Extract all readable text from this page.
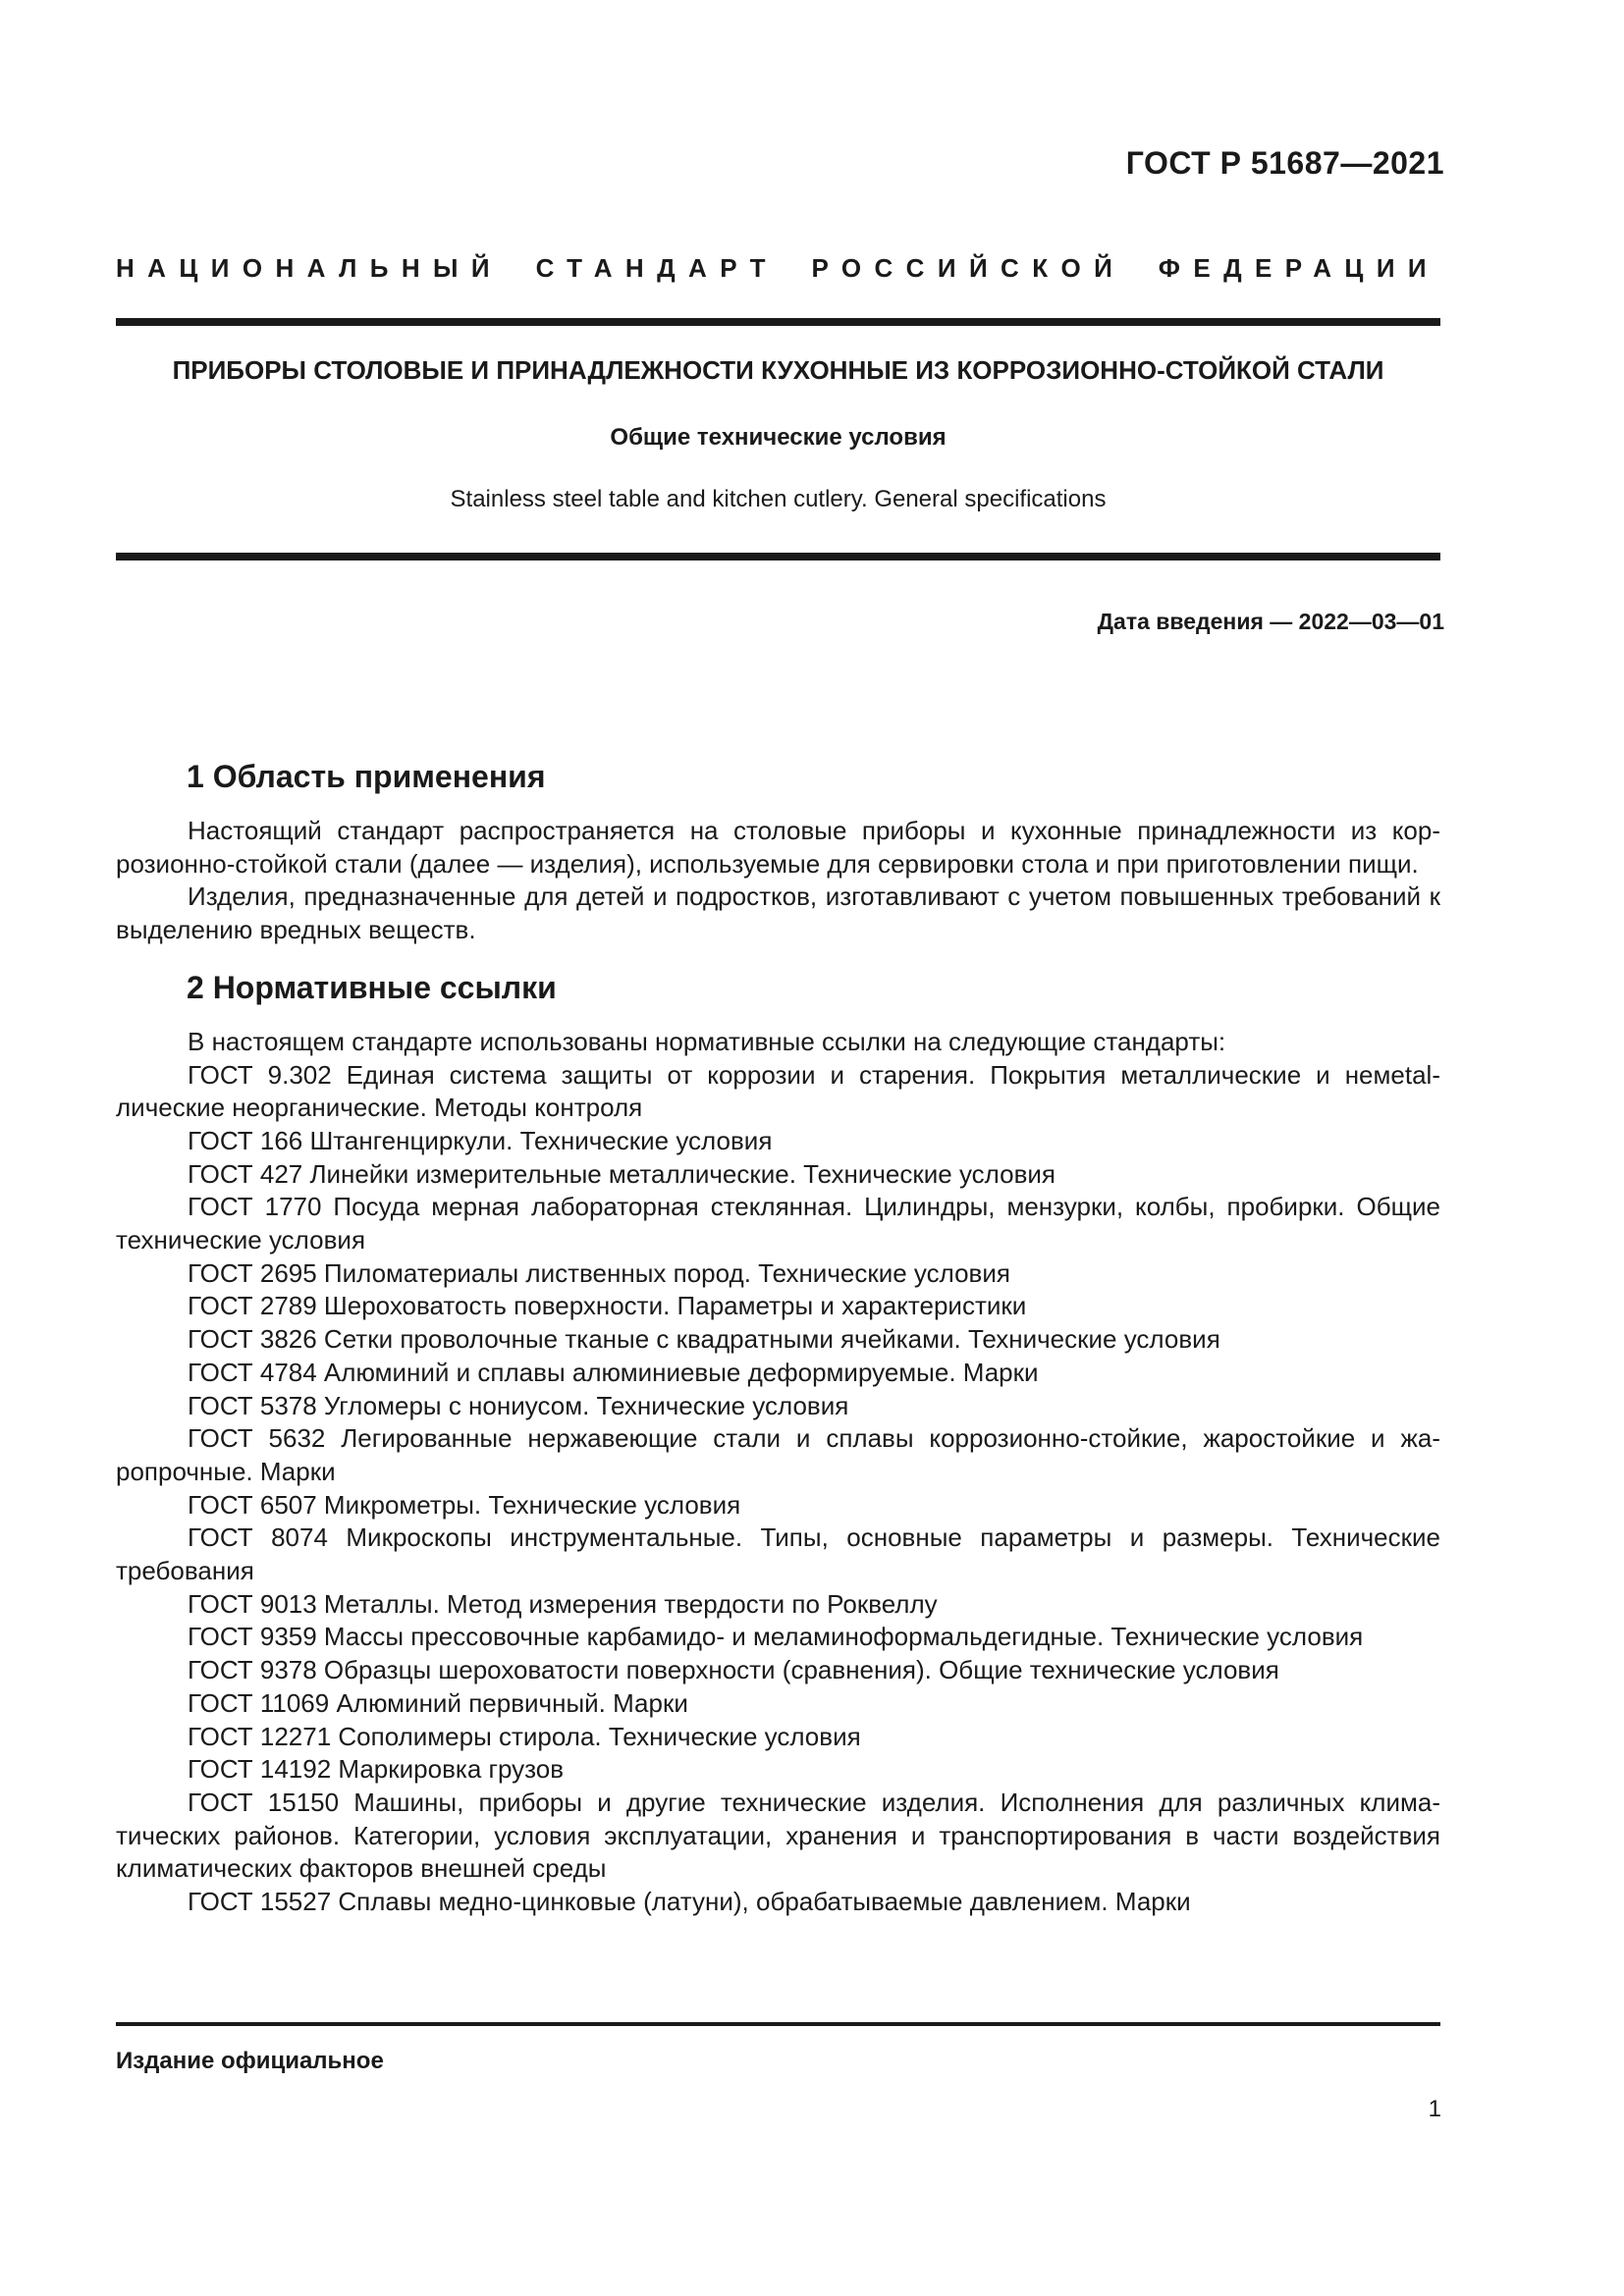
ГОСТ Р 51687—2021
НАЦИОНАЛЬНЫЙ СТАНДАРТ РОССИЙСКОЙ ФЕДЕРАЦИИ
ПРИБОРЫ СТОЛОВЫЕ И ПРИНАДЛЕЖНОСТИ КУХОННЫЕ ИЗ КОРРОЗИОННО-СТОЙКОЙ СТАЛИ
Общие технические условия
Stainless steel table and kitchen cutlery. General specifications
Дата введения — 2022—03—01
1 Область применения

Настоящий стандарт распространяется на столовые приборы и кухонные принадлежности из коррозионно-стойкой стали (далее — изделия), используемые для сервировки стола и при приготовлении пищи.

Изделия, предназначенные для детей и подростков, изготавливают с учетом повышенных требований к выделению вредных веществ.

2 Нормативные ссылки

В настоящем стандарте использованы нормативные ссылки на следующие стандарты:

ГОСТ 9.302 Единая система защиты от коррозии и старения. Покрытия металлические и немetalлические неорганические. Методы контроля
ГОСТ 166 Штангенциркули. Технические условия
ГОСТ 427 Линейки измерительные металлические. Технические условия
ГОСТ 1770 Посуда мерная лабораторная стеклянная. Цилиндры, мензурки, колбы, пробирки. Общие технические условия
ГОСТ 2695 Пиломатериалы лиственных пород. Технические условия
ГОСТ 2789 Шероховатость поверхности. Параметры и характеристики
ГОСТ 3826 Сетки проволочные тканые с квадратными ячейками. Технические условия
ГОСТ 4784 Алюминий и сплавы алюминиевые деформируемые. Марки
ГОСТ 5378 Угломеры с нониусом. Технические условия
ГОСТ 5632 Легированные нержавеющие стали и сплавы коррозионно-стойкие, жаростойкие и жаропрочные. Марки
ГОСТ 6507 Микрометры. Технические условия
ГОСТ 8074 Микроскопы инструментальные. Типы, основные параметры и размеры. Технические требования
ГОСТ 9013 Металлы. Метод измерения твердости по Роквеллу
ГОСТ 9359 Массы прессовочные карбамидо- и меламиноформальдегидные. Технические условия
ГОСТ 9378 Образцы шероховатости поверхности (сравнения). Общие технические условия
ГОСТ 11069 Алюминий первичный. Марки
ГОСТ 12271 Сополимеры стирола. Технические условия
ГОСТ 14192 Маркировка грузов
ГОСТ 15150 Машины, приборы и другие технические изделия. Исполнения для различных климатических районов. Категории, условия эксплуатации, хранения и транспортирования в части воздействия климатических факторов внешней среды
ГОСТ 15527 Сплавы медно-цинковые (латуни), обрабатываемые давлением. Марки
Издание официальное
1
